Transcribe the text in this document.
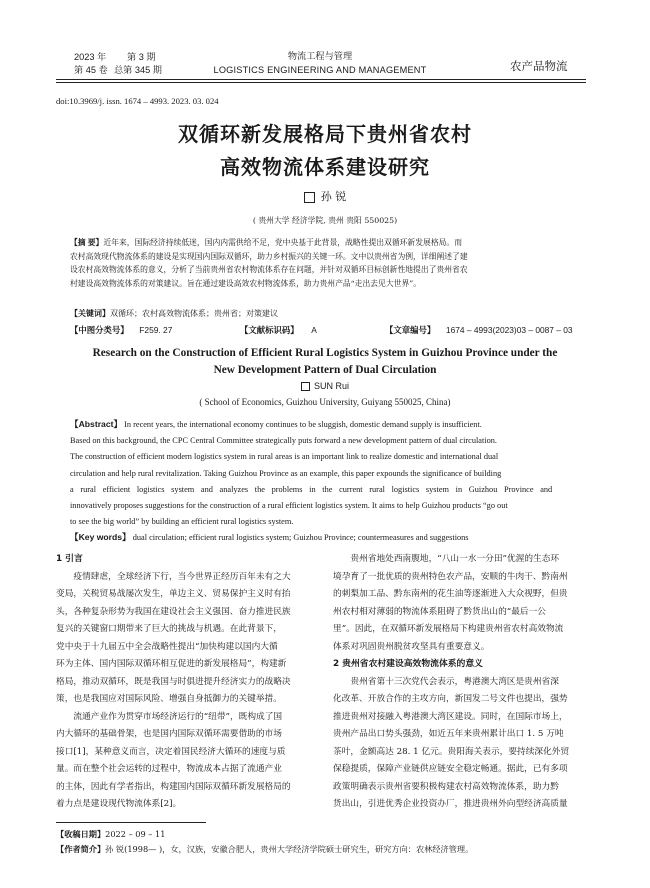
2023 年 第 3 期
第 45 卷 总第 345 期
物流工程与管理
LOGISTICS ENGINEERING AND MANAGEMENT	农产品物流
doi:10.3969/j. issn. 1674 – 4993. 2023. 03. 024
双循环新发展格局下贵州省农村
高效物流体系建设研究
孙 锐
( 贵州大学 经济学院, 贵州 贵阳 550025)
【摘 要】近年来，国际经济持续低迷，国内内需供给不足，党中央基于此背景，战略性提出双循环新发展格局。而
农村高效现代物流体系的建设是实现国内国际双循环，助力乡村振兴的关键一环。文中以贵州省为例，详细阐述了建
设农村高效物流体系的意义，分析了当前贵州省农村物流体系存在问题，并针对双循环目标创新性地提出了贵州省农
村建设高效物流体系的对策建议。旨在通过建设高效农村物流体系，助力贵州产品“走出去见大世界”。
【关键词】双循环；农村高效物流体系；贵州省；对策建议
【中图分类号】 F259. 27	【文献标识码】 A	【文章编号】 1674 – 4993(2023)03 – 0087 – 03
Research on the Construction of Efficient Rural Logistics System in Guizhou Province under the
New Development Pattern of Dual Circulation
SUN Rui
( School of Economics, Guizhou University, Guiyang 550025, China)
【Abstract】 In recent years, the international economy continues to be sluggish, domestic demand supply is insufficient.
Based on this background, the CPC Central Committee strategically puts forward a new development pattern of dual circulation.
The construction of efficient modern logistics system in rural areas is an important link to realize domestic and international dual
circulation and help rural revitalization. Taking Guizhou Province as an example, this paper expounds the significance of building
a rural efficient logistics system and analyzes the problems in the current rural logistics system in Guizhou Province and
innovatively proposes suggestions for the construction of a rural efficient logistics system. It aims to help Guizhou products “go out
to see the big world” by building an efficient rural logistics system.
【Key words】 dual circulation; efficient rural logistics system; Guizhou Province; countermeasures and suggestions
1 引言
疫情肆虐，全球经济下行，当今世界正经历百年未有之大
变局，关税贸易战屡次发生，单边主义、贸易保护主义时有抬
头，各种复杂形势为我国在建设社会主义强国、奋力推进民族
复兴的关键窗口期带来了巨大的挑战与机遇。在此背景下，
党中央于十九届五中全会战略性提出“加快构建以国内大循
环为主体、国内国际双循环相互促进的新发展格局”，构建新
格局，推动双循环，既是我国与时俱进提升经济实力的战略决
策，也是我国应对国际风险、增强自身抵御力的关键举措。
流通产业作为贯穿市场经济运行的“纽带”，既构成了国
内大循环的基础骨架，也是国内国际双循环需要借助的市场
接口[1]，某种意义而言，决定着国民经济大循环的速度与质
量。而在整个社会运转的过程中，物流成本占据了流通产业
的主体，因此有学者指出，构建国内国际双循环新发展格局的
着力点是建设现代物流体系[2]。
贵州省地处西南腹地，“八山一水一分田”优渥的生态环
境孕育了一批优质的贵州特色农产品，安顺的牛肉干、黔南州
的刺梨加工品、黔东南州的花生油等逐渐进入大众视野，但贵
州农村相对薄弱的物流体系阻碍了黔货出山的“最后一公
里”。因此，在双循环新发展格局下构建贵州省农村高效物流
体系对巩固贵州脱贫攻坚具有重要意义。
2 贵州省农村建设高效物流体系的意义
贵州省第十三次党代会表示，粤港澳大湾区是贵州省深
化改革、开放合作的主攻方向，新国发二号文件也提出，强势
推进贵州对接融入粤港澳大湾区建设。同时，在国际市场上，
贵州产品出口势头强劲，如近五年来贵州累计出口 1. 5 万吨
茶叶，金额高达 28. 1 亿元。贵阳海关表示，要持续深化外贸
保稳提质，保障产业链供应链安全稳定畅通。据此，已有多项
政策明确表示贵州省要积极构建农村高效物流体系，助力黔
货出山，引进优秀企业投资办厂，推进贵州外向型经济高质量
【收稿日期】2022 – 09 – 11
【作者简介】孙 锐(1998— )，女，汉族，安徽合肥人，贵州大学经济学院硕士研究生，研究方向：农林经济管理。
